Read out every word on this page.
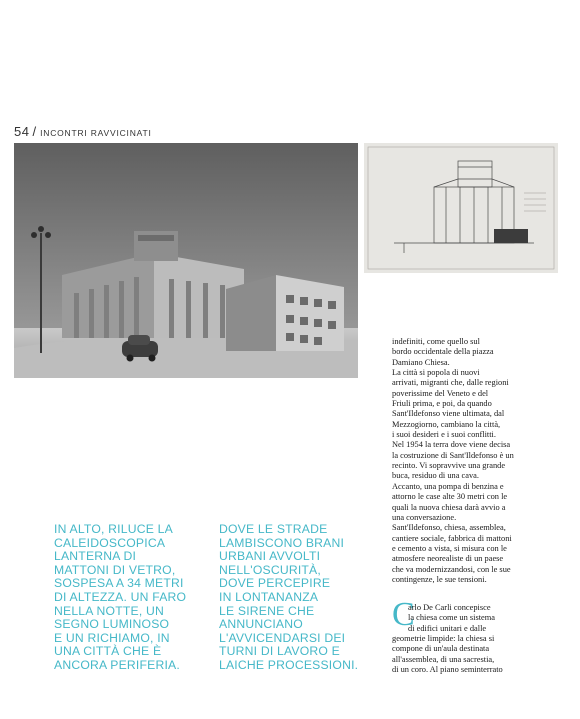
54 / INCONTRI RAVVICINATI
IN ALTO, RILUCE LA
CALEIDOSCOPICA
LANTERNA DI
MATTONI DI VETRO,
SOSPESA A 34 METRI
DI ALTEZZA. UN FARO
NELLA NOTTE, UN
SEGNO LUMINOSO
E UN RICHIAMO, IN
UNA CITTÀ CHE È
ANCORA PERIFERIA.
DOVE LE STRADE
LAMBISCONO BRANI
URBANI AVVOLTI
NELL'OSCURITÀ,
DOVE PERCEPIRE
IN LONTANANZA
LE SIRENE CHE
ANNUNCIANO
L'AVVICENDARSI DEI
TURNI DI LAVORO E
LAICHE PROCESSIONI.
indefiniti, come quello sul
bordo occidentale della piazza
Damiano Chiesa.
La città si popola di nuovi
arrivati, migranti che, dalle regioni
poverissime del Veneto e del
Friuli prima, e poi, da quando
Sant'Ildefonso viene ultimata, dal
Mezzogiorno, cambiano la città,
i suoi desideri e i suoi conflitti.
Nel 1954 la terra dove viene decisa
la costruzione di Sant'Ildefonso è un
recinto. Vi sopravvive una grande
buca, residuo di una cava.
Accanto, una pompa di benzina e
attorno le case alte 30 metri con le
quali la nuova chiesa darà avvio a
una conversazione.
Sant'Ildefonso, chiesa, assemblea,
cantiere sociale, fabbrica di mattoni
e cemento a vista, si misura con le
atmosfere neorealiste di un paese
che va modernizzandosi, con le sue
contingenze, le sue tensioni.
C
arlo De Carli concepisce
la chiesa come un sistema
di edifici unitari e dalle
geometrie limpide: la chiesa si
compone di un'aula destinata
all'assemblea, di una sacrestia,
di un coro. Al piano seminterrato
